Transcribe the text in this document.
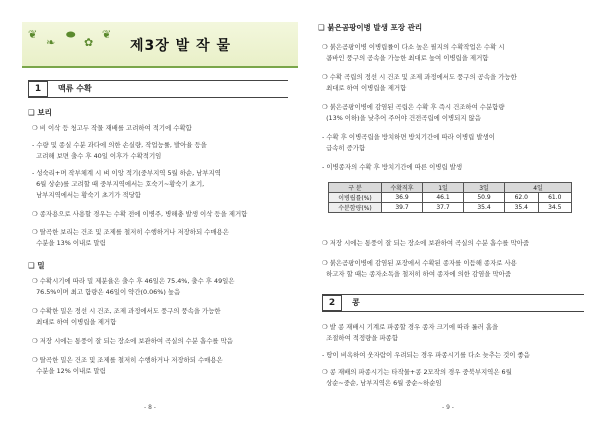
❦
❧
⬬
✿
❦
제3장 발 작 물
1	맥류 수확
❑ 보리
❍ 비 이삭 등 청고두 작물 재배를 고려하여 적기에 수확함
- 수량 및 종실 수분 과다에 의한 손실량, 작업능률, 발아율 등을
고려해 보면 출수 후 40일 이후가 수확적기임
- 성숙리+며 작부체계 시 벼 이앙 적기(중부지역 5월 하순, 남부지역
6월 상순)를 고려할 때 중부지역에서는 호숙기~황숙기 초기,
남부지역에서는 황숙기 초기가 적당함
❍ 종자용으로 사용할 경우는 수확 전에 이병주, 병해충 발생 이삭 등을 제거함
❍ 탈곡한 보리는 건조 및 조제를 철저히 수행하거나 저장하되 수매용은
수분을 13% 이내로 말림
❑ 밀
❍ 수확시기에 따라 밀 제분율은 출수 후 46일은 75.4%, 출수 후 49일은
76.5%이며 최고 함량은 46일이 약간(0.06%) 높음
❍ 수확한 밀은 정선 시 건조, 조제 과정에서도 풍구의 풍속을 가능한
최대로 하여 이병립을 제거함
❍ 저장 시에는 통풍이 잘 되는 장소에 보관하여 곡실의 수분 흡수를 막음
❍ 탈곡한 밀은 건조 및 조제를 철저히 수행하거나 저장하되 수매용은
수분을 12% 이내로 말림
- 8 -
❑ 붉은곰팡이병 발생 포장 관리
❍ 붉은곰팡이병 이병립률이 다소 높은 필지의 수확작업은 수확 시
콤바인 풍구의 공속을 가능한 최대로 높여 이병립을 제거함
❍ 수확 곡립의 정선 시 건조 및 조제 과정에서도 풍구의 공속을 가능한
최대로 하여 이병립을 제거함
❍ 붉은곰팡이병에 감염된 곡립은 수확 후 즉시 건조하여 수분함량
(13% 이하)을 낮추어 주어야 건전곡립에 이병되지 않음
- 수확 후 이병곡립을 방치하면 방치기간에 따라 이병립 발생이
급속히 증가함
- 이병종자의 수확 후 방치기간에 따른 이병립 발생
구 분	수확직후	1일	3일	4일	
이병립률(%)	36.9	46.1	50.9	62.0	61.0
수분함량(%)	39.7	37.7	35.4	35.4	34.5
❍ 저장 시에는 통풍이 잘 되는 장소에 보관하여 곡실의 수분 흡수를 막아줌
❍ 붉은곰팡이병에 감염된 포장에서 수확된 종자를 이듬해 종자로 사용
하고자 할 때는 종자소독을 철저히 하여 종자에 의한 감염을 막아줌
2	콩
❍ 밭 콩 재배시 기계로 파종할 경우 종자 크기에 따라 롤러 홈을
조절하여 적정량을 파종함
- 땅이 비옥하여 웃자람이 우려되는 경우 파종시기를 다소 늦추는 것이 좋음
❍ 콩 재배의 파종시기는 타작물+콩 2모작의 경우 중북부지역은 6월
상순~중순, 남부지역은 6월 중순~하순임
- 9 -
